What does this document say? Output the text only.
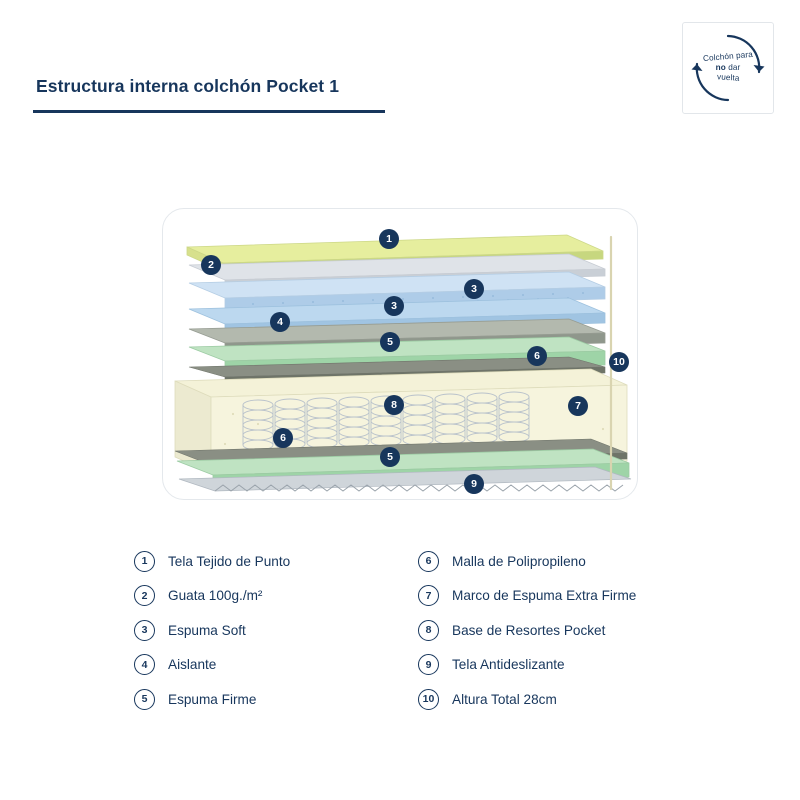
Estructura interna colchón Pocket 1
Colchón para
no dar
vuelta
1
2
3
3
4
5
6	10
8	7
6
5
9
1	Tela Tejido de Punto
2	Guata 100g./m²
3	Espuma Soft
4	Aislante
5	Espuma Firme
6	Malla de Polipropileno
7	Marco de Espuma Extra Firme
8	Base de Resortes Pocket
9	Tela Antideslizante
10	Altura Total 28cm
